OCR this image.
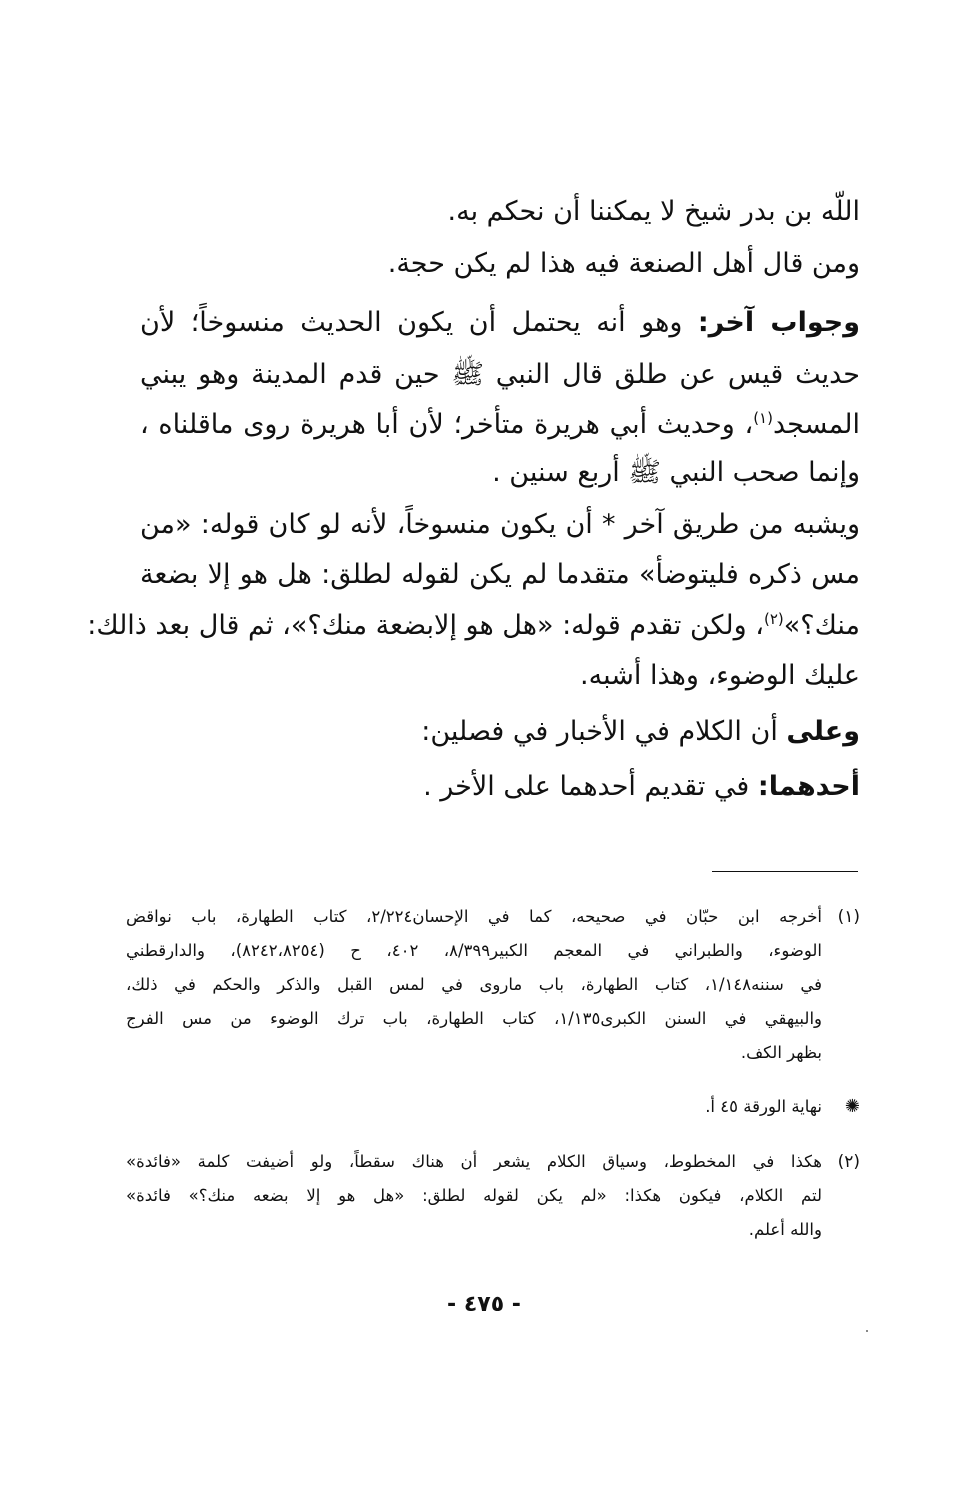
اللّه بن بدر شيخ لا يمكننا أن نحكم به.
ومن قال أهل الصنعة فيه هذا لم يكن حجة.
وجواب آخر: وهو أنه يحتمل أن يكون الحديث منسوخاً؛ لأن
حديث قيس عن طلق قال النبي ﷺ حين قدم المدينة وهو يبني
المسجد$^{(١)}$، وحديث أبي هريرة متأخر؛ لأن أبا هريرة روى ماقلناه ،
وإنما صحب النبي ﷺ أربع سنين .
ويشبه من طريق آخر * أن يكون منسوخاً، لأنه لو كان قوله: «من
مس ذكره فليتوضأ» متقدما لم يكن لقوله لطلق: هل هو إلا بضعة
منك؟»$^{(٢)}$، ولكن تقدم قوله: «هل هو إلابضعة منك؟»، ثم قال بعد ذالك:
عليك الوضوء، وهذا أشبه.
وعلى أن الكلام في الأخبار في فصلين:
أحدهما: في تقديم أحدهما على الأخر .
(١)
أخرجه ابن حبّان في صحيحه، كما في الإحسان٢/٢٢٤، كتاب الطهارة، باب نواقض
الوضوء، والطبراني في المعجم الكبير٨/٣٩٩، ٤٠٢، ح (٨٢٤٢،٨٢٥٤)، والدارقطني
في سننه١/١٤٨، كتاب الطهارة، باب ماروى في لمس القبل والذكر والحكم في ذلك،
والبيهقي في السنن الكبرى١/١٣٥، كتاب الطهارة، باب ترك الوضوء من مس الفرج
بظهر الكف.
✺
نهاية الورقة ٤٥ أ.
(٢)
هكذا في المخطوط، وسياق الكلام يشعر أن هناك سقطاً، ولو أضيفت كلمة «فائدة»
لتم الكلام، فيكون هكذا: «لم يكن لقوله لطلق: «هل هو إلا بضعه منك؟» فائدة»
والله أعلم.
- ٤٧٥ -
